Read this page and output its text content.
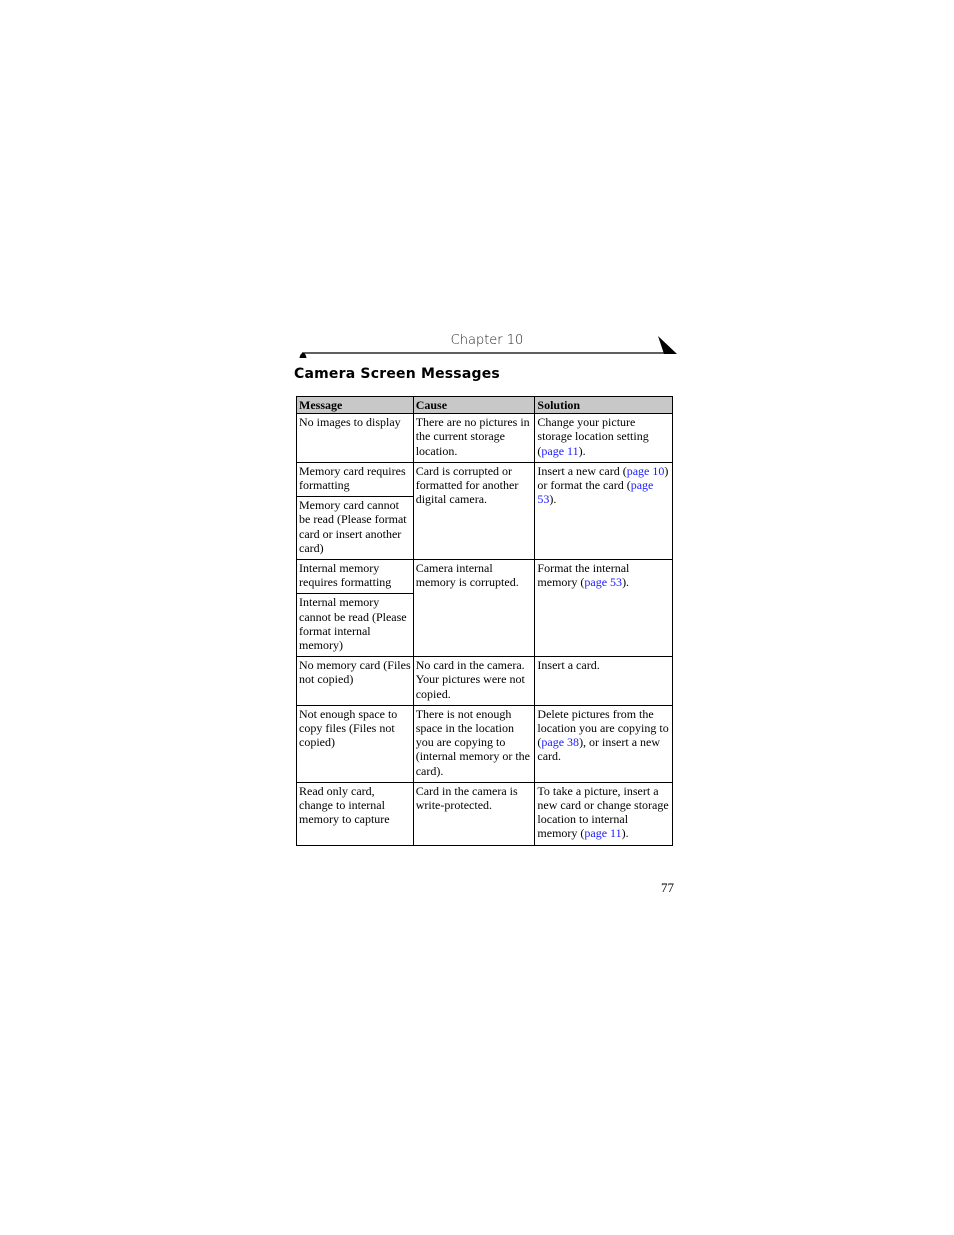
Chapter 10
Camera Screen Messages
Message	Cause	Solution
No images to display	There are no pictures in the current storage location.	Change your picture storage location setting (page 11).
Memory card requires formatting	Card is corrupted or formatted for another digital camera.	Insert a new card (page 10) or format the card (page 53).
Memory card cannot be read (Please format card or insert another card)		
Internal memory requires formatting	Camera internal memory is corrupted.	Format the internal memory (page 53).
Internal memory cannot be read (Please format internal memory)		
No memory card (Files not copied)	No card in the camera. Your pictures were not copied.	Insert a card.
Not enough space to copy files (Files not copied)	There is not enough space in the location you are copying to (internal memory or the card).	Delete pictures from the location you are copying to (page 38), or insert a new card.
Read only card, change to internal memory to capture	Card in the camera is write-protected.	To take a picture, insert a new card or change storage location to internal memory (page 11).
77
